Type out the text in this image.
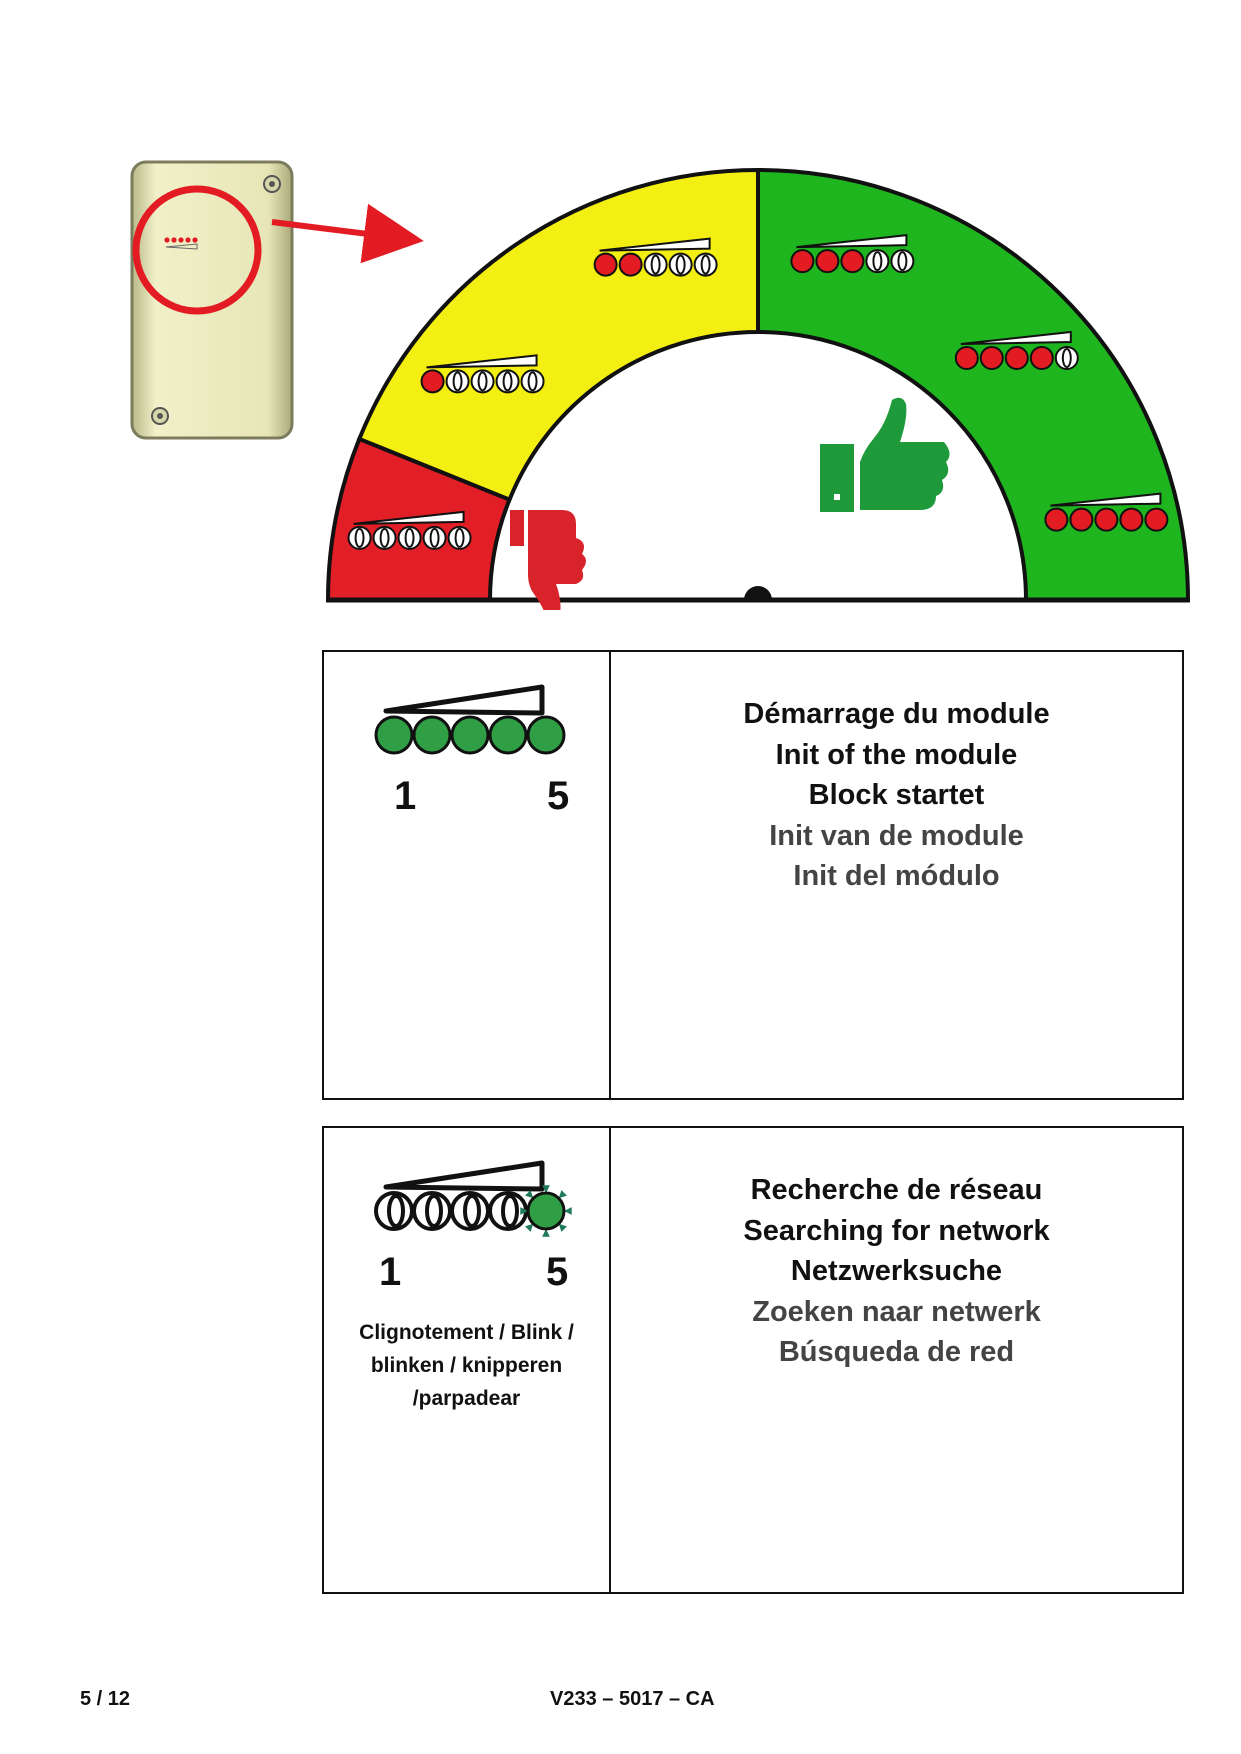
1	5
Démarrage du module
Init of the module
Block startet
Init van de module
Init del módulo
1	5
Clignotement / Blink /
blinken / knipperen
/parpadear
Recherche de réseau
Searching for network
Netzwerksuche
Zoeken naar netwerk
Búsqueda de red
5 / 12	V233 – 5017 – CA
